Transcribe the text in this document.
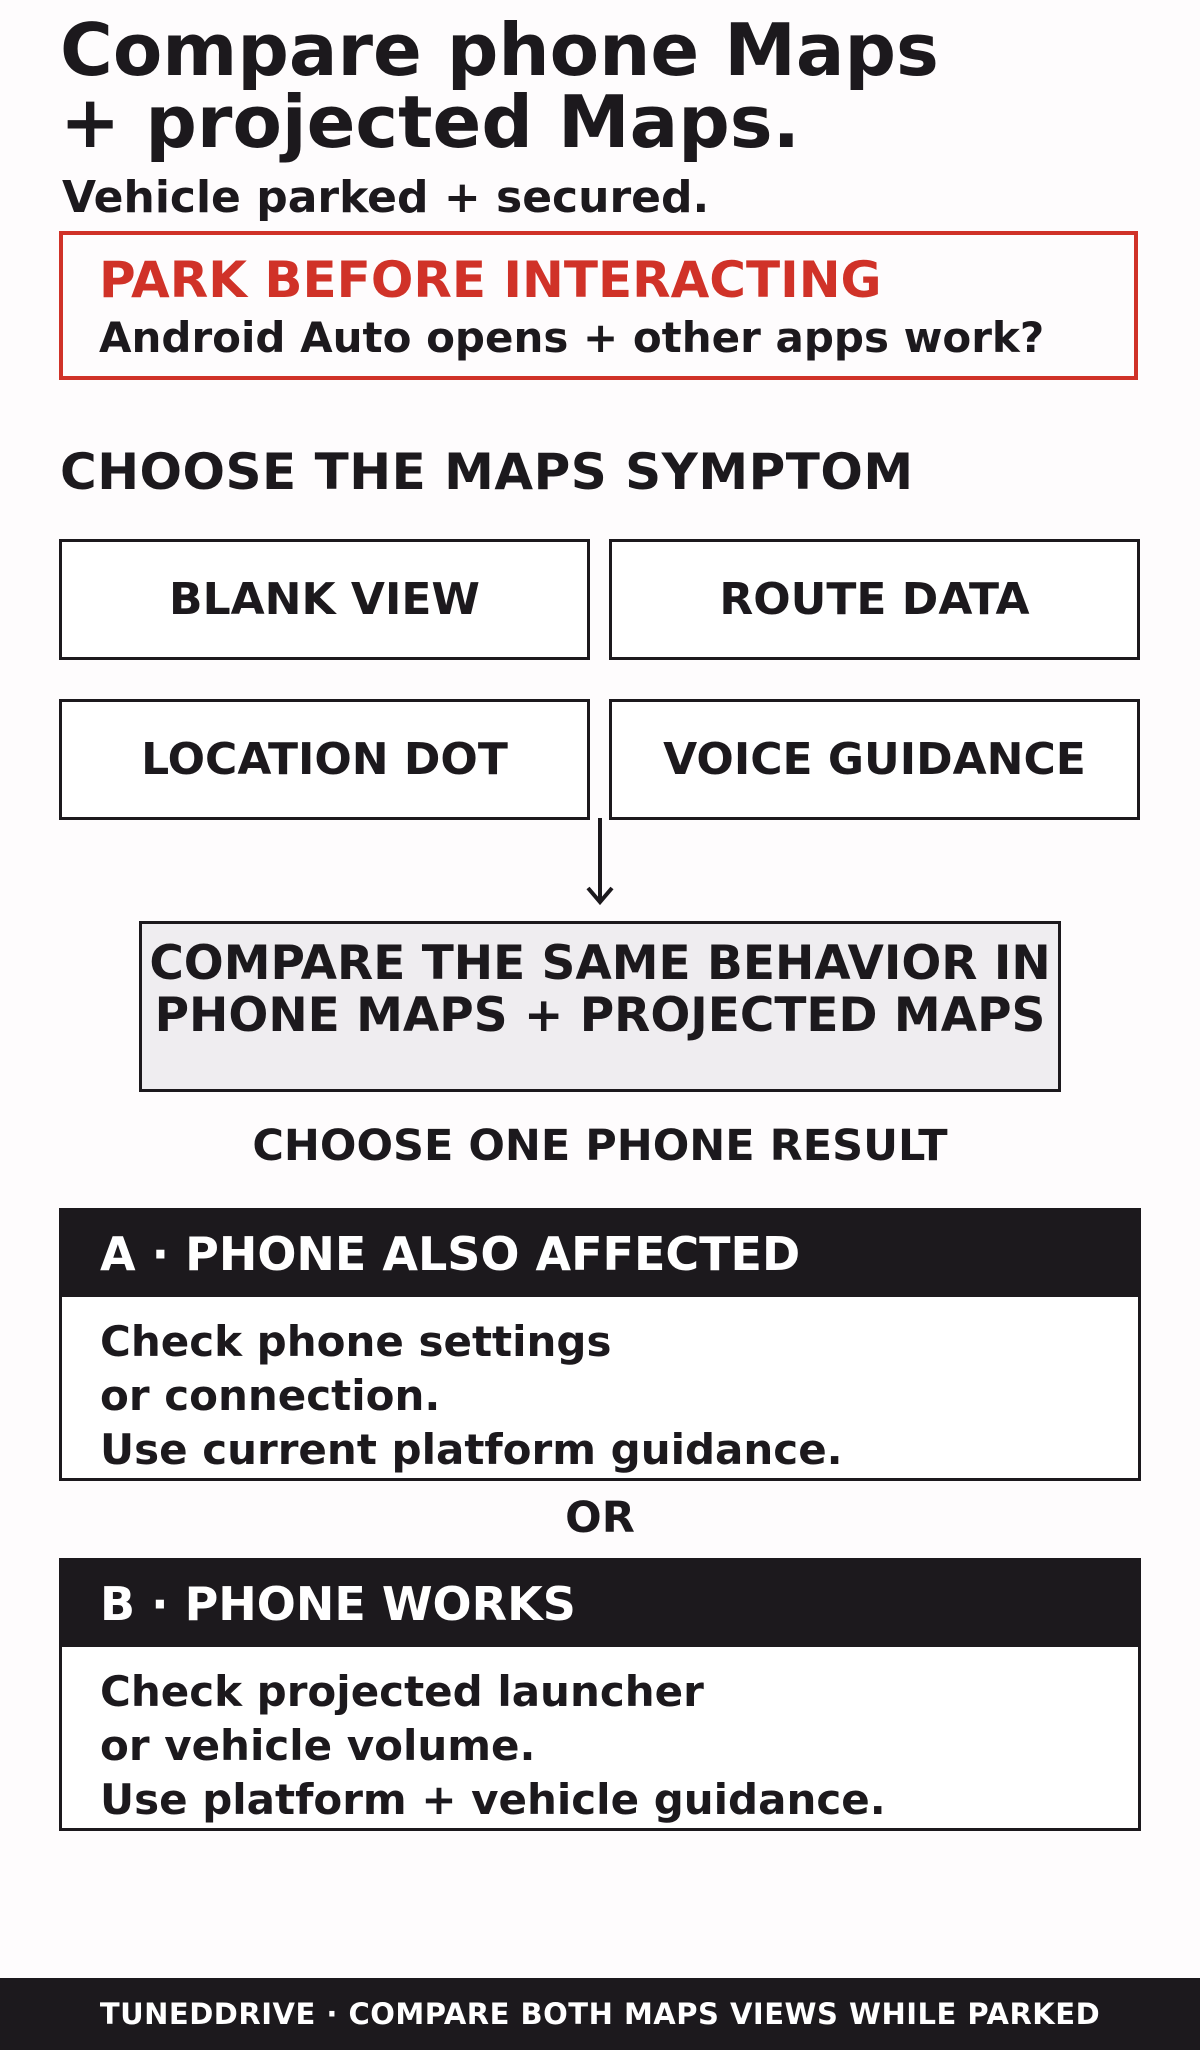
Compare phone Maps
+ projected Maps.
Vehicle parked + secured.
PARK BEFORE INTERACTING
Android Auto opens + other apps work?
CHOOSE THE MAPS SYMPTOM
BLANK VIEW	ROUTE DATA
LOCATION DOT	VOICE GUIDANCE
COMPARE THE SAME BEHAVIOR IN
PHONE MAPS + PROJECTED MAPS
CHOOSE ONE PHONE RESULT
A · PHONE ALSO AFFECTED
Check phone settings
or connection.
Use current platform guidance.
OR
B · PHONE WORKS
Check projected launcher
or vehicle volume.
Use platform + vehicle guidance.
TUNEDDRIVE · COMPARE BOTH MAPS VIEWS WHILE PARKED
